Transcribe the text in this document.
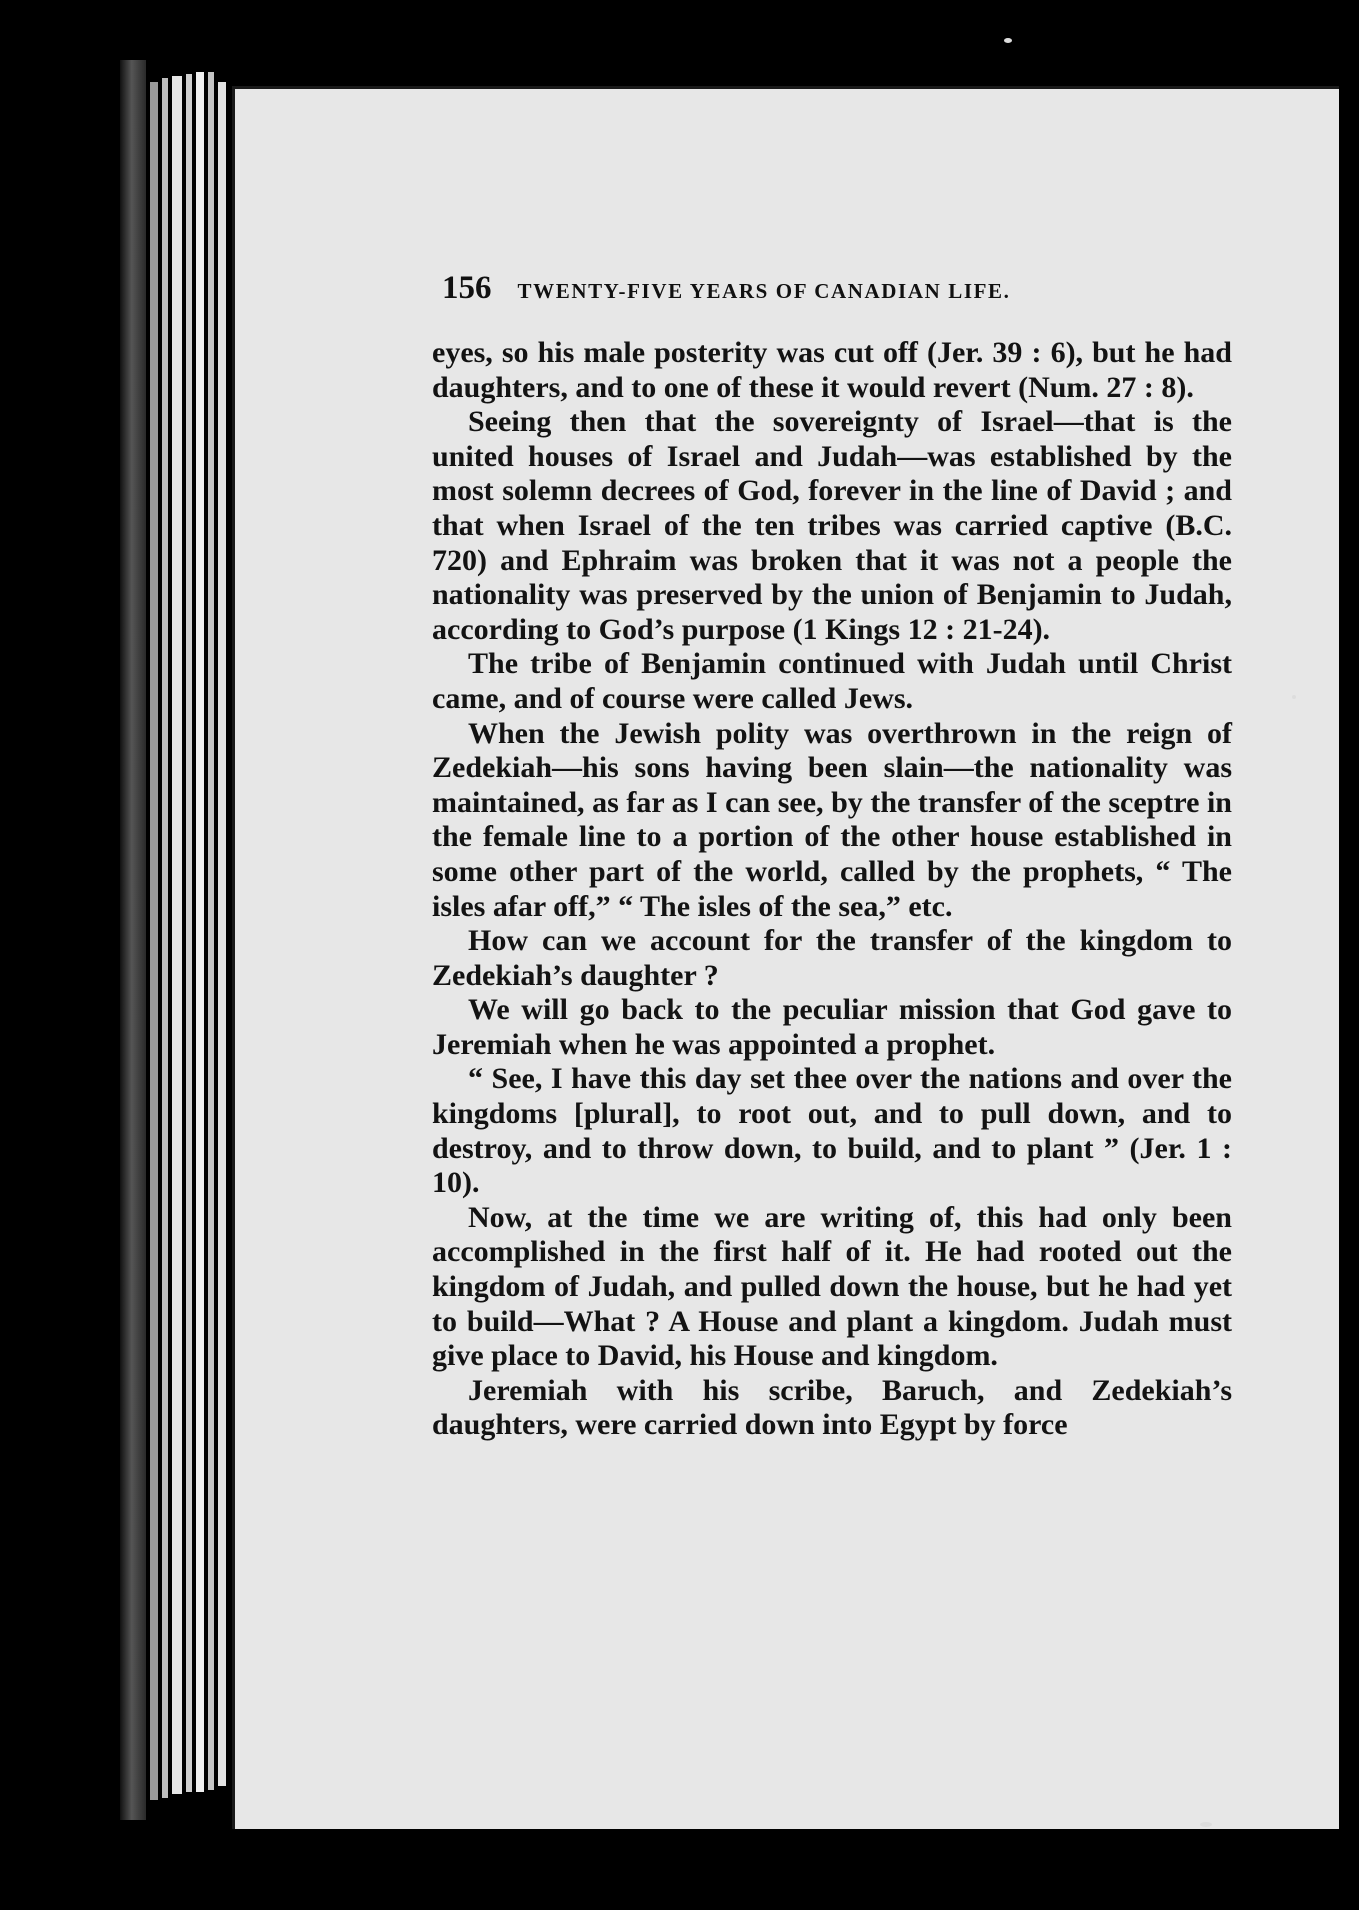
156 TWENTY-FIVE YEARS OF CANADIAN LIFE.

eyes, so his male posterity was cut off (Jer. 39 : 6), but he had daughters, and to one of these it would revert (Num. 27 : 8).

Seeing then that the sovereignty of Israel—that is the united houses of Israel and Judah—was established by the most solemn decrees of God, forever in the line of David ; and that when Israel of the ten tribes was carried captive (B.C. 720) and Ephraim was broken that it was not a people the nationality was preserved by the union of Benjamin to Judah, according to God’s purpose (1 Kings 12 : 21-24).

The tribe of Benjamin continued with Judah until Christ came, and of course were called Jews.

When the Jewish polity was overthrown in the reign of Zedekiah—his sons having been slain—the nationality was maintained, as far as I can see, by the transfer of the sceptre in the female line to a portion of the other house established in some other part of the world, called by the prophets, “ The isles afar off,” “ The isles of the sea,” etc.

How can we account for the transfer of the kingdom to Zedekiah’s daughter ?

We will go back to the peculiar mission that God gave to Jeremiah when he was appointed a prophet.

“ See, I have this day set thee over the nations and over the kingdoms [plural], to root out, and to pull down, and to destroy, and to throw down, to build, and to plant ” (Jer. 1 : 10).

Now, at the time we are writing of, this had only been accomplished in the first half of it. He had rooted out the kingdom of Judah, and pulled down the house, but he had yet to build—What ? A House and plant a kingdom. Judah must give place to David, his House and kingdom.

Jeremiah with his scribe, Baruch, and Zedekiah’s daughters, were carried down into Egypt by force
